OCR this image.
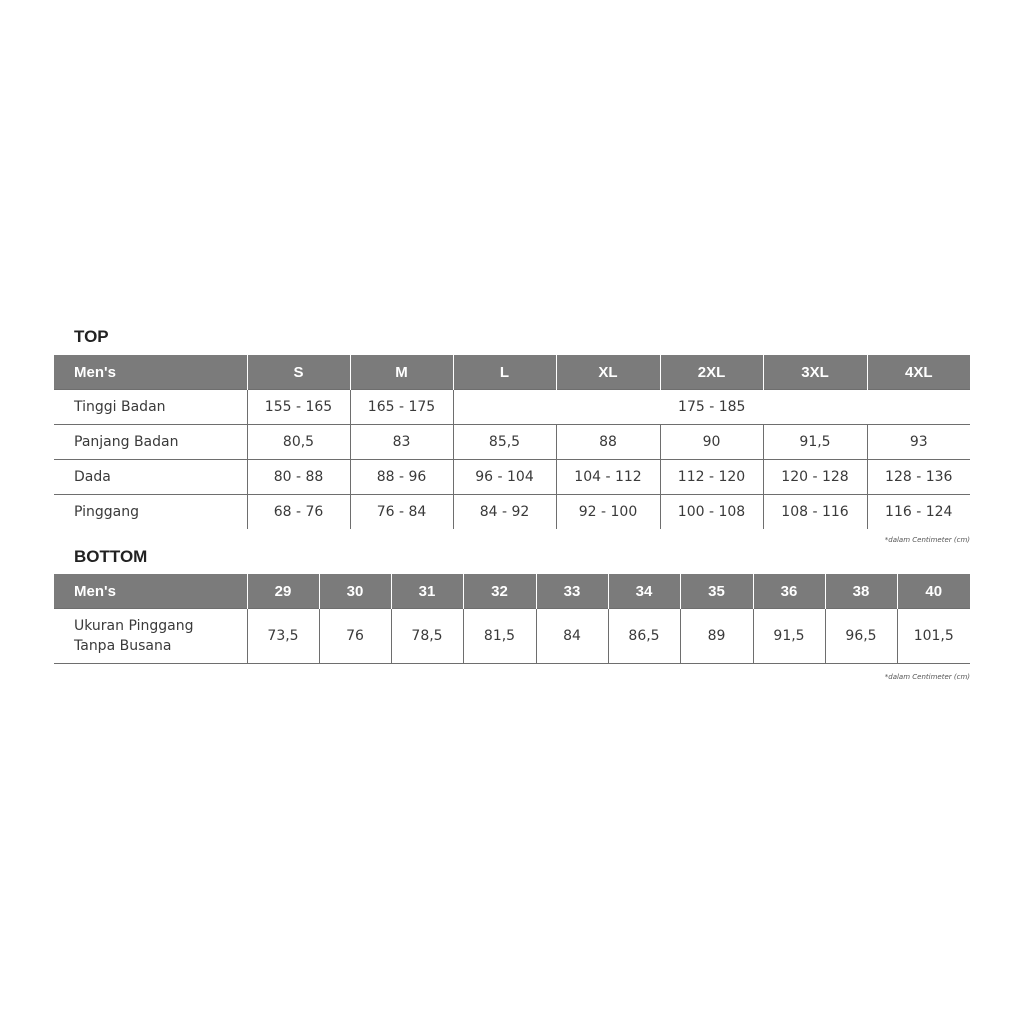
TOP
Men's	S	M	L	XL	2XL	3XL	4XL
Tinggi Badan	155 - 165	165 - 175	175 - 185				
Panjang Badan	80,5	83	85,5	88	90	91,5	93
Dada	80 - 88	88 - 96	96 - 104	104 - 112	112 - 120	120 - 128	128 - 136
Pinggang	68 - 76	76 - 84	84 - 92	92 - 100	100 - 108	108 - 116	116 - 124
*dalam Centimeter (cm)
BOTTOM
Men's	29	30	31	32	33	34	35	36	38	40
Ukuran Pinggang
Tanpa Busana	73,5	76	78,5	81,5	84	86,5	89	91,5	96,5	101,5
*dalam Centimeter (cm)
